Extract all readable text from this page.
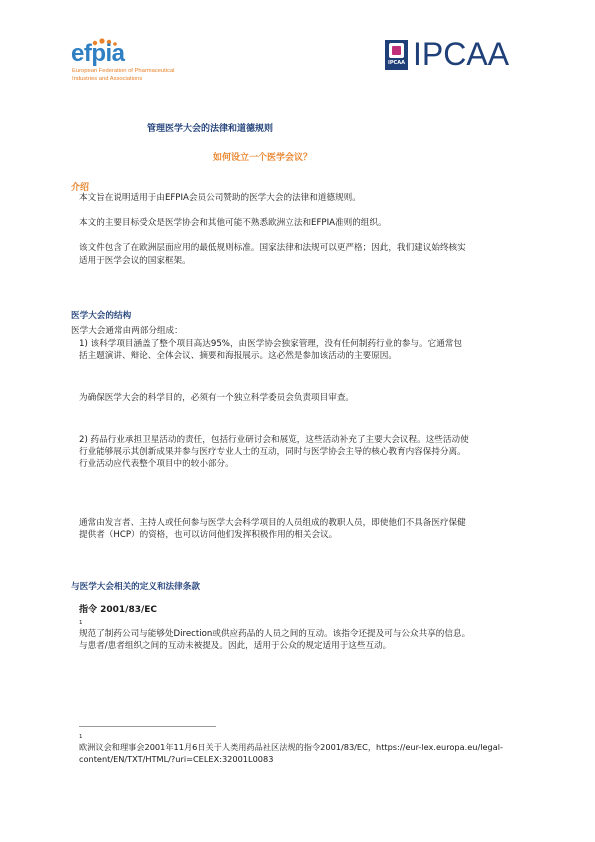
efpia
European Federation of Pharmaceutical
Industries and Associations
IPCAA IPCAA
管理医学大会的法律和道德规则
如何设立一个医学会议？
介绍
本文旨在说明适用于由EFPIA会员公司赞助的医学大会的法律和道德规则。
本文的主要目标受众是医学协会和其他可能不熟悉欧洲立法和EFPIA准则的组织。
该文件包含了在欧洲层面应用的最低规则标准。国家法律和法规可以更严格；因此，我们建议始终核实
适用于医学会议的国家框架。
医学大会的结构
医学大会通常由两部分组成：
1) 该科学项目涵盖了整个项目高达95%，由医学协会独家管理，没有任何制药行业的参与。它通常包
括主题演讲、辩论、全体会议、摘要和海报展示。这必然是参加该活动的主要原因。
为确保医学大会的科学目的，必须有一个独立科学委员会负责项目审查。
2) 药品行业承担卫星活动的责任，包括行业研讨会和展览，这些活动补充了主要大会议程。这些活动使
行业能够展示其创新成果并参与医疗专业人士的互动，同时与医学协会主导的核心教育内容保持分离。
行业活动应代表整个项目中的较小部分。
通常由发言者、主持人或任何参与医学大会科学项目的人员组成的教职人员，即使他们不具备医疗保健
提供者（HCP）的资格，也可以访问他们发挥积极作用的相关会议。
与医学大会相关的定义和法律条款
指令 2001/83/EC
1
规范了制药公司与能够处Direction或供应药品的人员之间的互动。该指令还提及可与公众共享的信息。
与患者/患者组织之间的互动未被提及。因此，适用于公众的规定适用于这些互动。
1
欧洲议会和理事会2001年11月6日关于人类用药品社区法规的指令2001/83/EC，https://eur-lex.europa.eu/legal-
content/EN/TXT/HTML/?uri=CELEX:32001L0083
